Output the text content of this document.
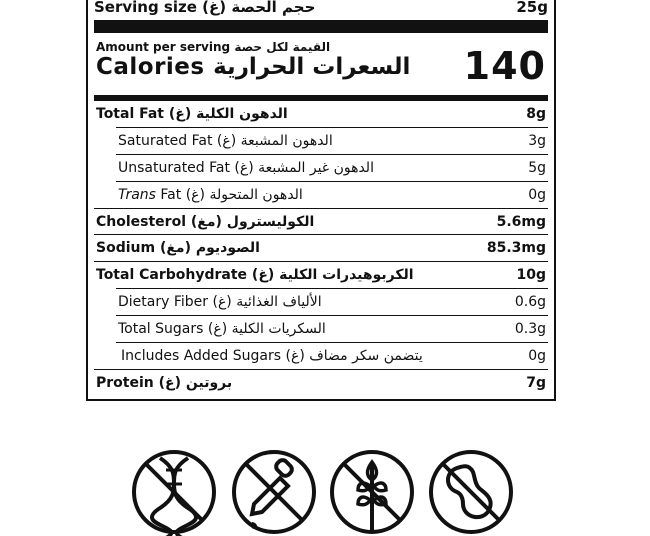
Serving size (غ) حجم الحصة	25g
Amount per serving القيمة لكل حصة
Calories السعرات الحرارية 140
Total Fat (غ) الدهون الكلية	8g
Saturated Fat (غ) الدهون المشبعة	3g
Unsaturated Fat (غ) الدهون غير المشبعة	5g
Trans Fat (غ) الدهون المتحولة	0g
Cholesterol (مغ) الكوليسترول	5.6mg
Sodium (مغ) الصوديوم	85.3mg
Total Carbohydrate (غ) الكربوهيدرات الكلية	10g
Dietary Fiber (غ) الألياف الغذائية	0.6g
Total Sugars (غ) السكريات الكلية	0.3g
Includes Added Sugars (غ) يتضمن سكر مضاف	0g
Protein (غ) بروتين	7g
